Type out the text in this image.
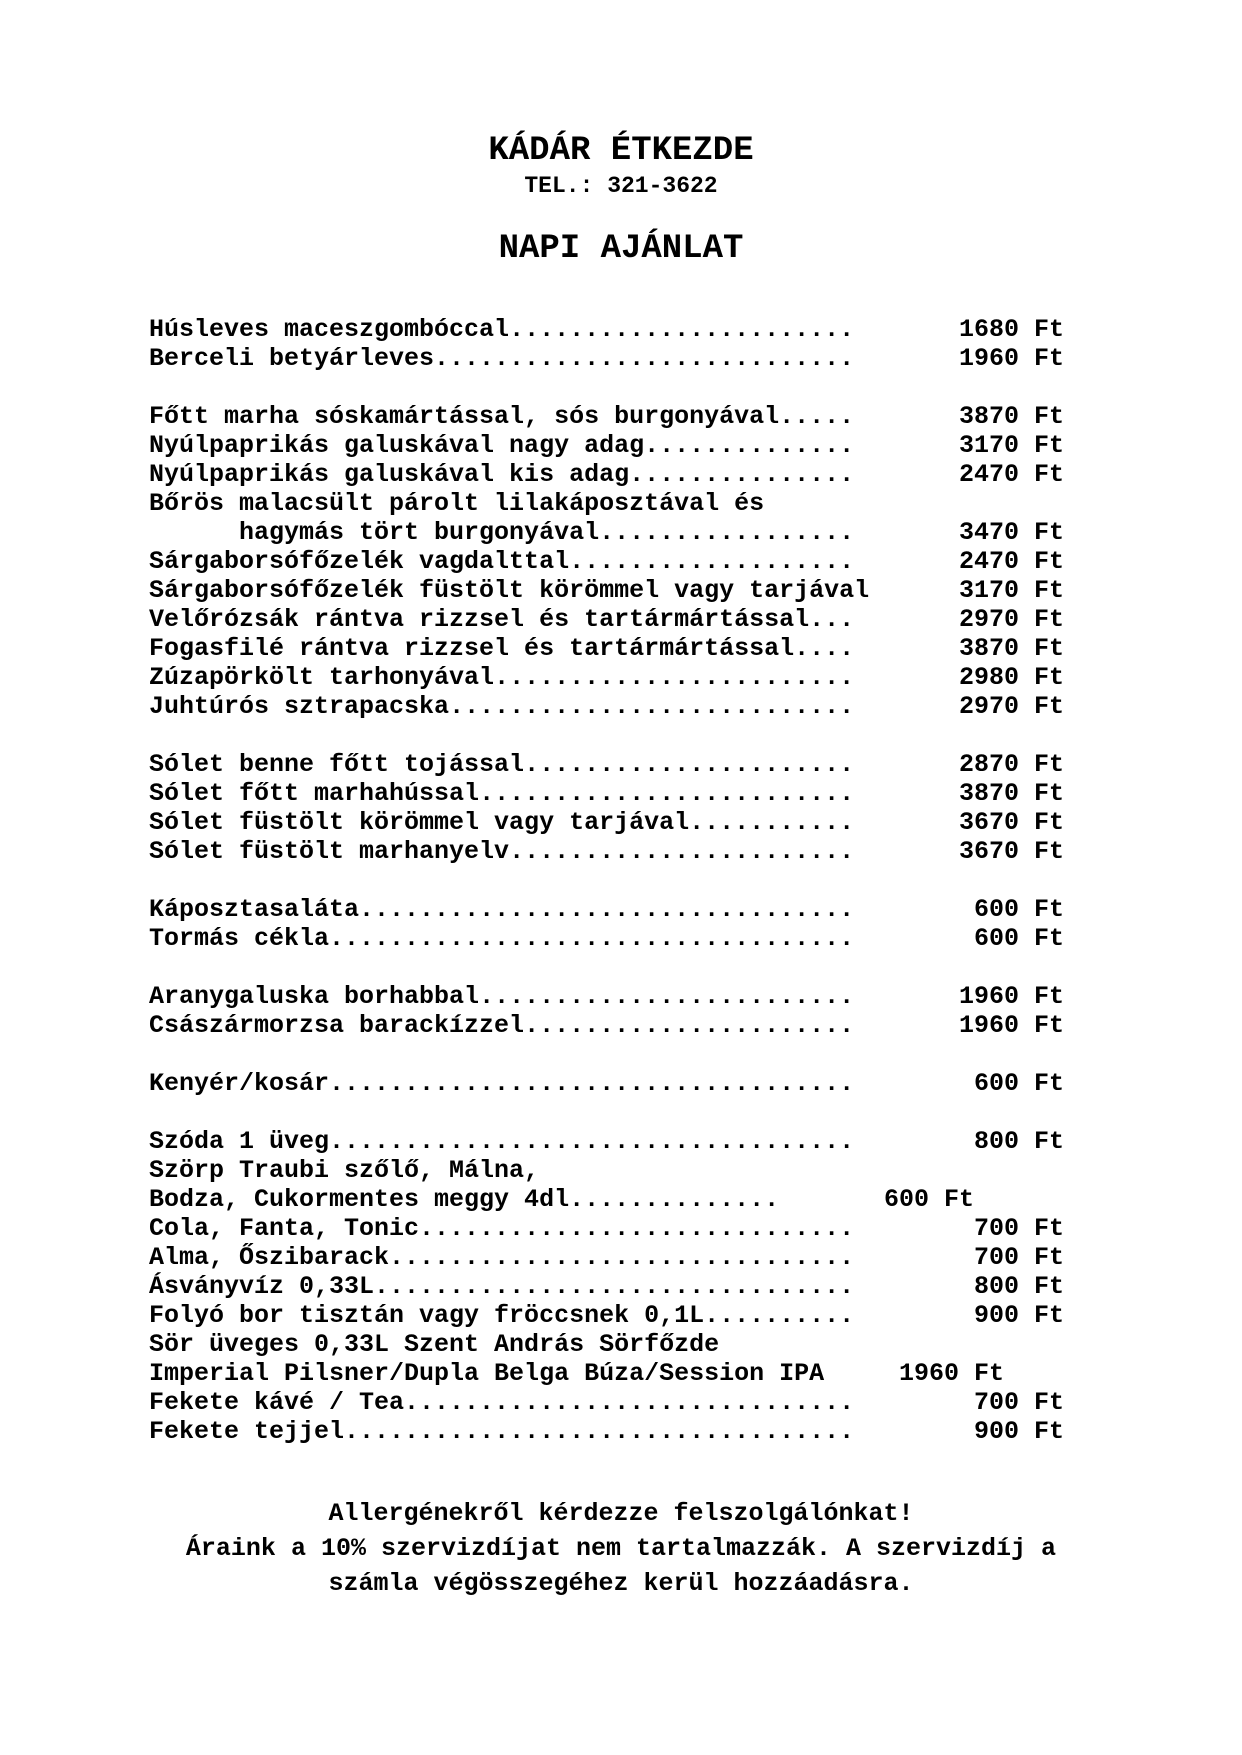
KÁDÁR ÉTKEZDE
TEL.: 321-3622
NAPI AJÁNLAT
Húsleves maceszgombóccal .......................	1680 Ft
Berceli betyárleves ............................	1960 Ft
Főtt marha sóskamártással, sós burgonyával .....	3870 Ft
Nyúlpaprikás galuskával nagy adag ..............	3170 Ft
Nyúlpaprikás galuskával kis adag ...............	2470 Ft
Bőrös malacsült párolt lilakáposztával és
hagymás tört burgonyával .................	3470 Ft
Sárgaborsófőzelék vagdalttal ...................	2470 Ft
Sárgaborsófőzelék füstölt körömmel vagy tarjával	3170 Ft
Velőrózsák rántva rizzsel és tartármártással ...	2970 Ft
Fogasfilé rántva rizzsel és tartármártással ....	3870 Ft
Zúzapörkölt tarhonyával ........................	2980 Ft
Juhtúrós sztrapacska ...........................	2970 Ft
Sólet benne főtt tojással ......................	2870 Ft
Sólet főtt marhahússal .........................	3870 Ft
Sólet füstölt körömmel vagy tarjával ...........	3670 Ft
Sólet füstölt marhanyelv .......................	3670 Ft
Káposztasaláta .................................	600 Ft
Tormás cékla ...................................	600 Ft
Aranygaluska borhabbal .........................	1960 Ft
Császármorzsa barackízzel ......................	1960 Ft
Kenyér/kosár ...................................	600 Ft
Szóda 1 üveg ...................................	800 Ft
Szörp Traubi szőlő, Málna,
Bodza, Cukormentes meggy 4dl ..............	600 Ft
Cola, Fanta, Tonic .............................	700 Ft
Alma, Őszibarack ...............................	700 Ft
Ásványvíz 0,33L ................................	800 Ft
Folyó bor tisztán vagy fröccsnek 0,1L ..........	900 Ft
Sör üveges 0,33L Szent András Sörfőzde
Imperial Pilsner/Dupla Belga Búza/Session IPA	1960 Ft
Fekete kávé / Tea ..............................	700 Ft
Fekete tejjel ..................................	900 Ft
Allergénekről kérdezze felszolgálónkat!
Áraink a 10% szervizdíjat nem tartalmazzák. A szervizdíj a
számla végösszegéhez kerül hozzáadásra.
